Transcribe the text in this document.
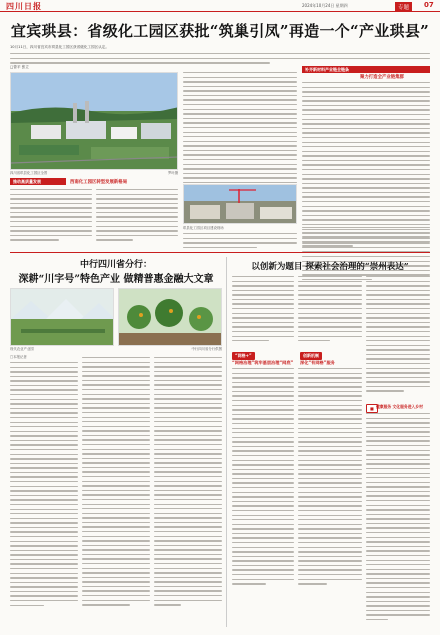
四川日报	2024年10月24日 星期四	专题	07
宜宾珙县：省级化工园区获批“筑巢引凤”再造一个“产业珙县”
10月11日，四川省宜宾市珙县化工园区获省级化工园区认定。
□曾平 张立
四川省珙县化工园区全景	罗叶摄
补齐新材料产业链全链条
聚力打造全产业链集群
推动高质量发展	西南化工园区转型发展新格局
珙县化工园区项目建设现场
中行四川省分行：
深耕“川字号”特色产业 做精普惠金融大文章
现代农业产业园	中行四川省分行供图
□本报记者
以创新为题目 探索社会治理的“崇州表达”
“网格+”
“网格治理”筑牢基层治理“网底”
创新机制
深化“有网格”服务
■ 健康服务 文化服务进入乡村
